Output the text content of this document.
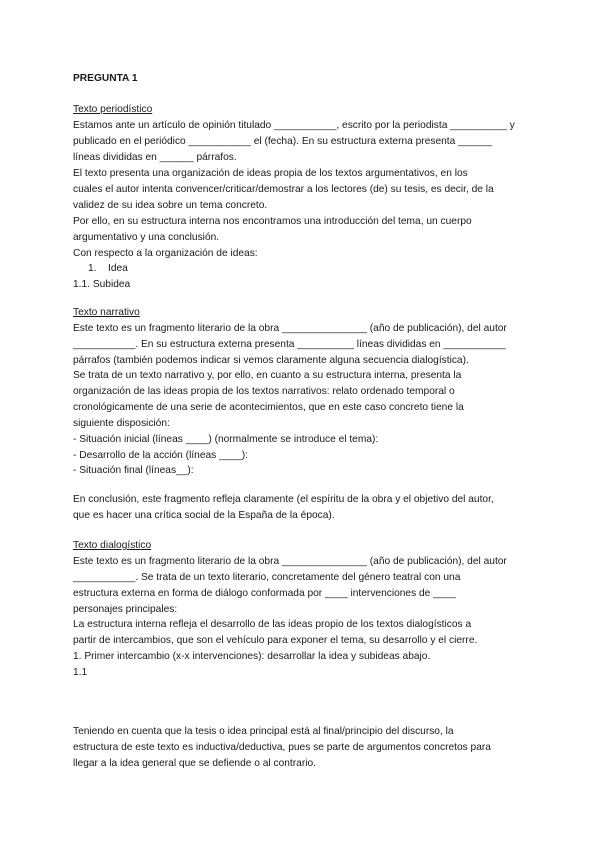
PREGUNTA 1
Texto periodístico
Estamos ante un artículo de opinión titulado ___________, escrito por la periodista __________ y
publicado en el periódico ___________ el (fecha). En su estructura externa presenta ______
líneas divididas en ______ párrafos.
El texto presenta una organización de ideas propia de los textos argumentativos, en los
cuales el autor intenta convencer/criticar/demostrar a los lectores (de) su tesis, es decir, de la
validez de su idea sobre un tema concreto.
Por ello, en su estructura interna nos encontramos una introducción del tema, un cuerpo
argumentativo y una conclusión.
Con respecto a la organización de ideas:
1. Idea
1.1. Subidea
Texto narrativo
Este texto es un fragmento literario de la obra _______________ (año de publicación), del autor
___________. En su estructura externa presenta __________ líneas divididas en ___________
párrafos (también podemos indicar si vemos claramente alguna secuencia dialogística).
Se trata de un texto narrativo y, por ello, en cuanto a su estructura interna, presenta la
organización de las ideas propia de los textos narrativos: relato ordenado temporal o
cronológicamente de una serie de acontecimientos, que en este caso concreto tiene la
siguiente disposición:
- Situación inicial (líneas ____) (normalmente se introduce el tema):
- Desarrollo de la acción (líneas ____):
- Situación final (líneas__):
En conclusión, este fragmento refleja claramente (el espíritu de la obra y el objetivo del autor,
que es hacer una crítica social de la España de la época).
Texto dialogístico
Este texto es un fragmento literario de la obra _______________ (año de publicación), del autor
___________. Se trata de un texto literario, concretamente del género teatral con una
estructura externa en forma de diálogo conformada por ____ intervenciones de ____
personajes principales:
La estructura interna refleja el desarrollo de las ideas propio de los textos dialogísticos a
partir de intercambios, que son el vehículo para exponer el tema, su desarrollo y el cierre.
1. Primer intercambio (x-x intervenciones): desarrollar la idea y subideas abajo.
1.1
Teniendo en cuenta que la tesis o idea principal está al final/principio del discurso, la
estructura de este texto es inductiva/deductiva, pues se parte de argumentos concretos para
llegar a la idea general que se defiende o al contrario.
